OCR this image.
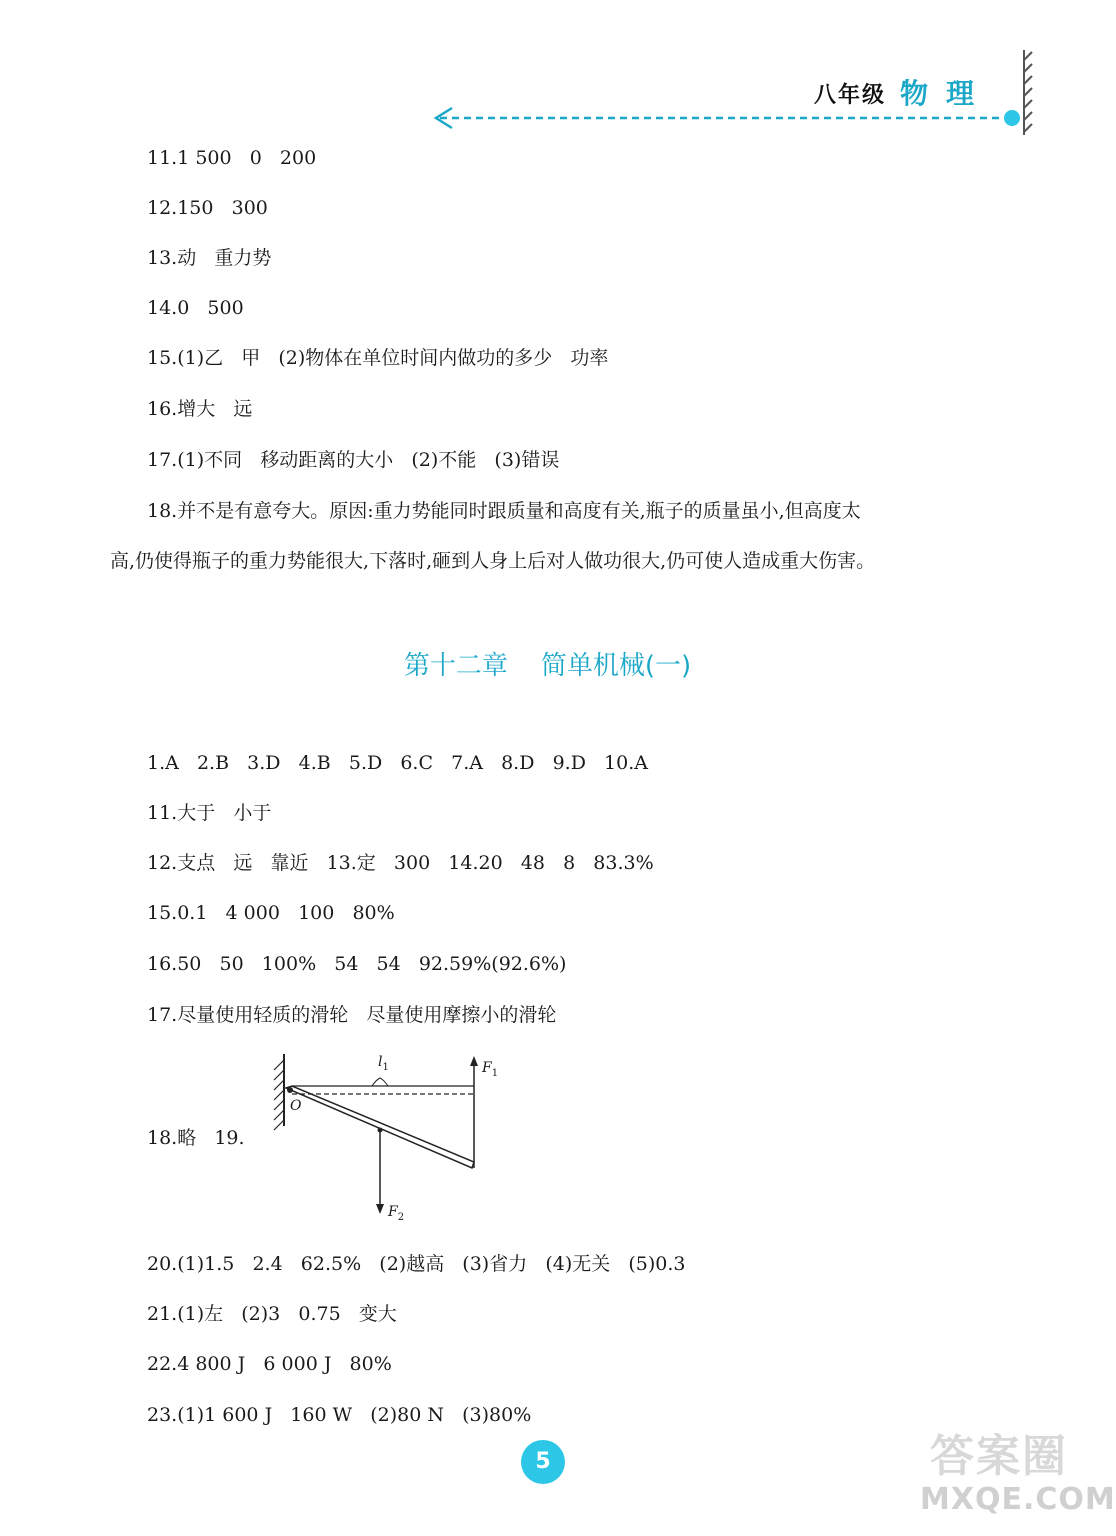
八年级 物理
11.1 500   0   200
12.150   300
13.动   重力势
14.0   500
15.(1)乙   甲   (2)物体在单位时间内做功的多少   功率
16.增大   远
17.(1)不同   移动距离的大小   (2)不能   (3)错误
18.并不是有意夸大。原因:重力势能同时跟质量和高度有关,瓶子的质量虽小,但高度太
高,仍使得瓶子的重力势能很大,下落时,砸到人身上后对人做功很大,仍可使人造成重大伤害。
第十二章    简单机械(一)
1.A   2.B   3.D   4.B   5.D   6.C   7.A   8.D   9.D   10.A
11.大于   小于
12.支点   远   靠近   13.定   300   14.20   48   8   83.3%
15.0.1   4 000   100   80%
16.50   50   100%   54   54   92.59%(92.6%)
17.尽量使用轻质的滑轮   尽量使用摩擦小的滑轮
18.略   19.
O
$l_1$	$F_1$
$F_2$
20.(1)1.5   2.4   62.5%   (2)越高   (3)省力   (4)无关   (5)0.3
21.(1)左   (2)3   0.75   变大
22.4 800 J   6 000 J   80%
23.(1)1 600 J   160 W   (2)80 N   (3)80%
5	答案圈
MXQE.COM
